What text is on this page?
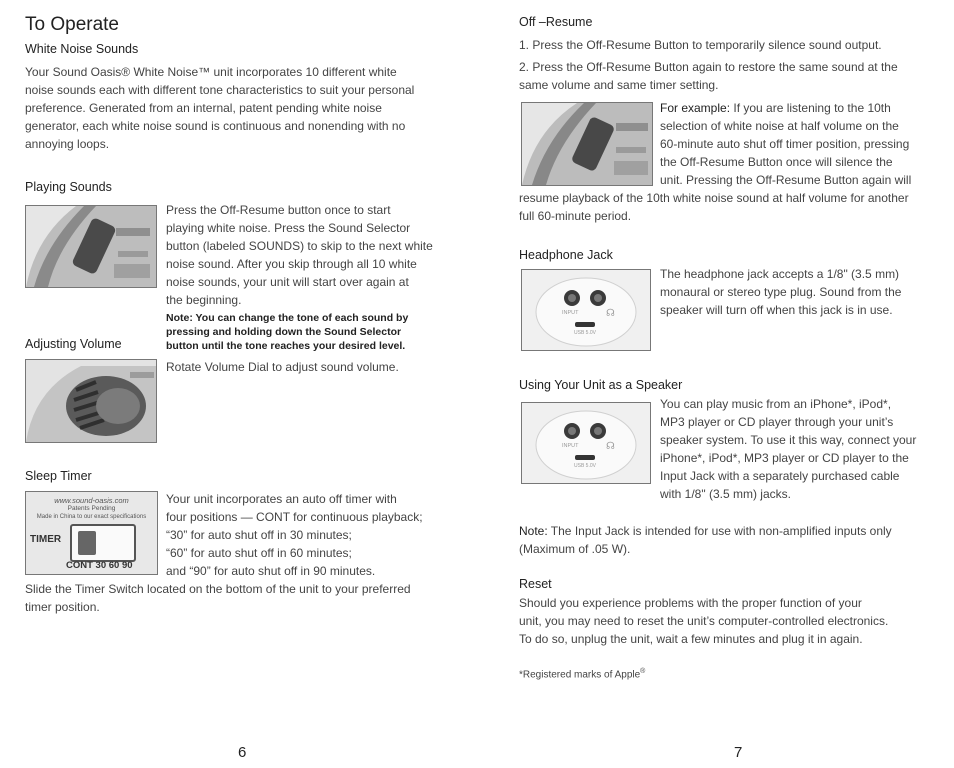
To Operate
White Noise Sounds
Your Sound Oasis® White Noise™ unit incorporates 10 different white
noise sounds each with different tone characteristics to suit your personal
preference. Generated from an internal, patent pending white noise
generator, each white noise sound is continuous and nonending with no
annoying loops.
Playing Sounds
Press the Off-Resume button once to start
playing white noise. Press the Sound Selector
button (labeled SOUNDS) to skip to the next white
noise sound. After you skip through all 10 white
noise sounds, your unit will start over again at
the beginning.
Note: You can change the tone of each sound by
pressing and holding down the Sound Selector
button until the tone reaches your desired level.
Adjusting Volume
Rotate Volume Dial to adjust sound volume.
Sleep Timer
www.sound-oasis.com
Patents Pending
Made in China to our exact specifications
TIMER
CONT 30 60 90
Your unit incorporates an auto off timer with
four positions — CONT for continuous playback;
“30” for auto shut off in 30 minutes;
“60” for auto shut off in 60 minutes;
and “90” for auto shut off in 90 minutes.
Slide the Timer Switch located on the bottom of the unit to your preferred
timer position.
6
Off –Resume
1. Press the Off-Resume Button to temporarily silence sound output.
2. Press the Off-Resume Button again to restore the same sound at the
same volume and same timer setting.
For example: If you are listening to the 10th
selection of white noise at half volume on the
60-minute auto shut off timer position, pressing
the Off-Resume Button once will silence the
unit. Pressing the Off-Resume Button again will
resume playback of the 10th white noise sound at half volume for another
full 60-minute period.
Headphone Jack
INPUT	☊
USB 5.0V
The headphone jack accepts a 1/8" (3.5 mm)
monaural or stereo type plug. Sound from the
speaker will turn off when this jack is in use.
Using Your Unit as a Speaker
INPUT	☊
USB 5.0V
You can play music from an iPhone*, iPod*,
MP3 player or CD player through your unit’s
speaker system. To use it this way, connect your
iPhone*, iPod*, MP3 player or CD player to the
Input Jack with a separately purchased cable
with 1/8" (3.5 mm) jacks.
Note: The Input Jack is intended for use with non-amplified inputs only
(Maximum of .05 W).
Reset
Should you experience problems with the proper function of your
unit, you may need to reset the unit’s computer-controlled electronics.
To do so, unplug the unit, wait a few minutes and plug it in again.
*Registered marks of Apple®
7
